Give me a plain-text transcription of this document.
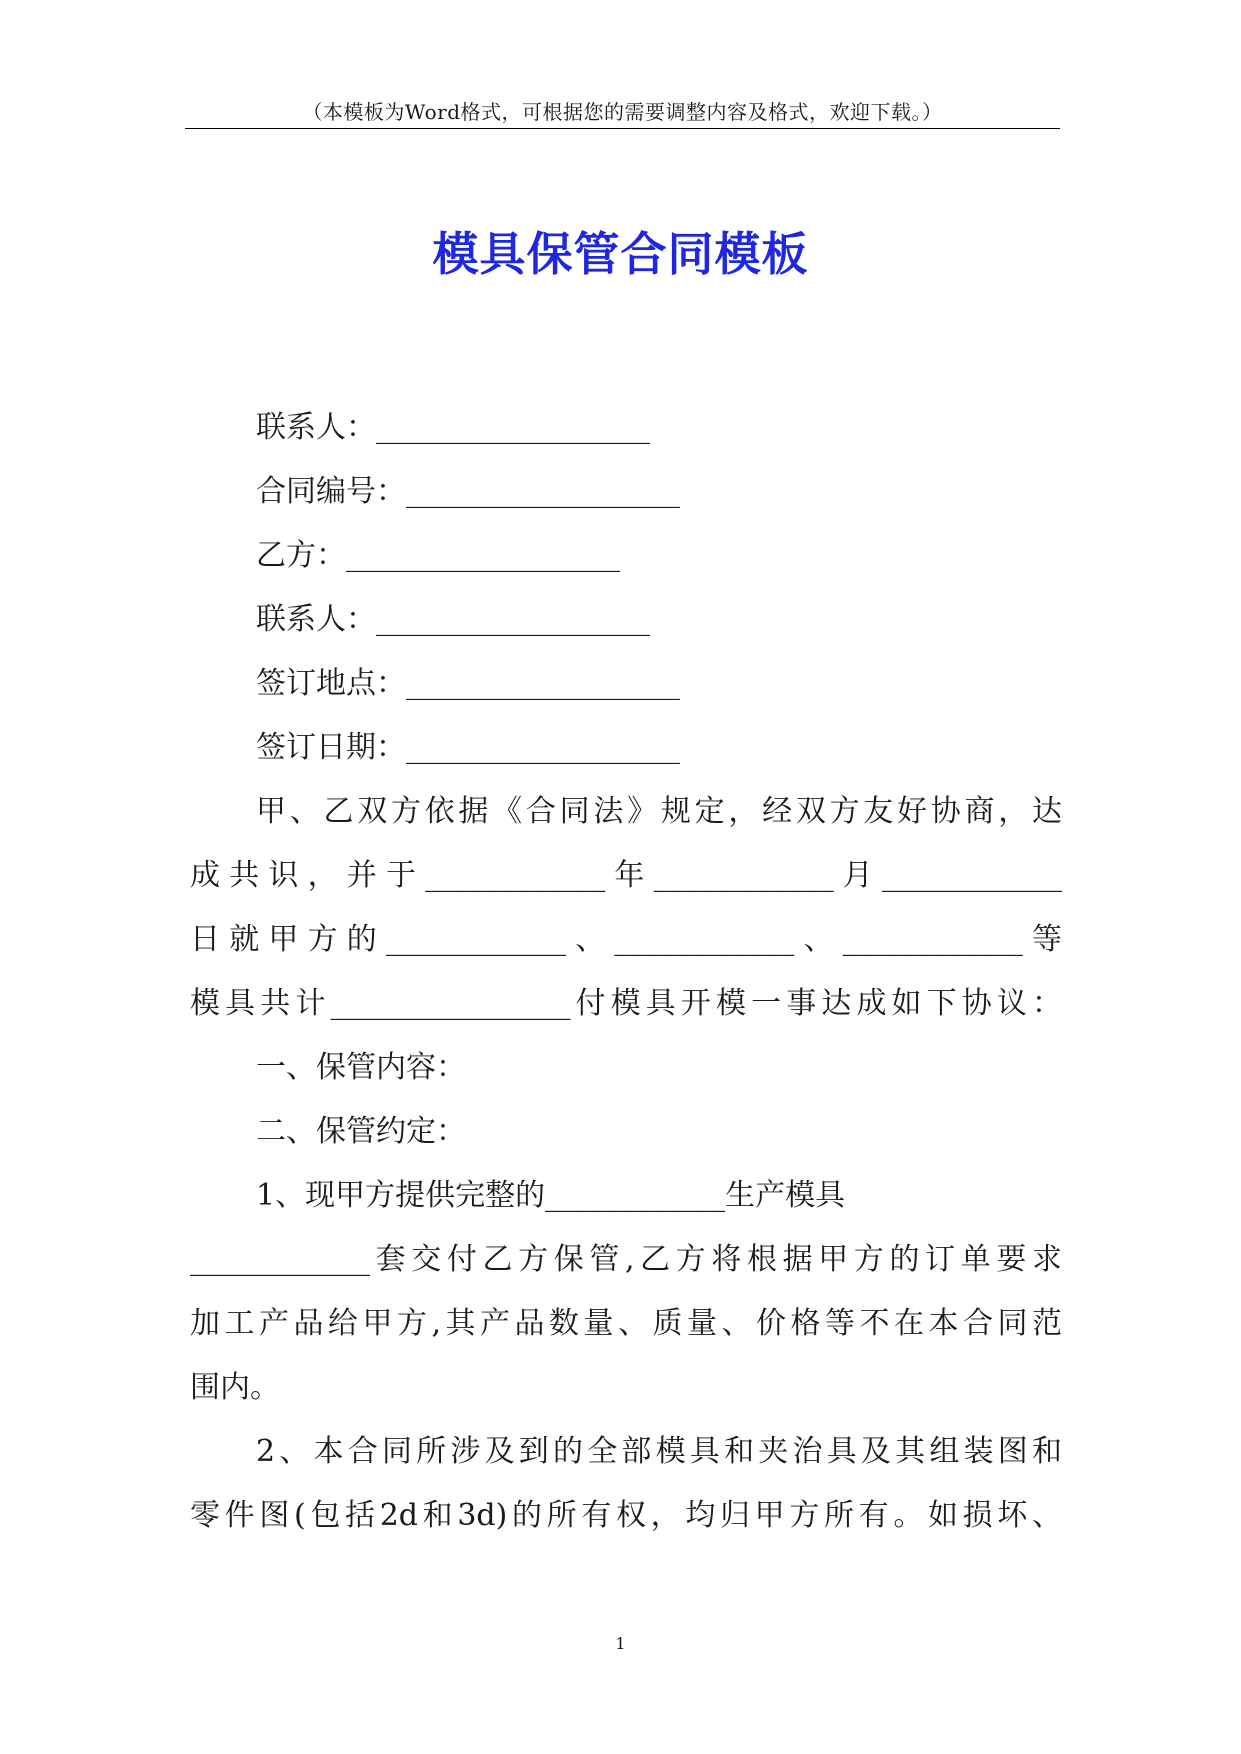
（本模板为Word格式，可根据您的需要调整内容及格式，欢迎下载。）
模具保管合同模板
联系人：________________
合同编号：________________
乙方：________________
联系人：________________
签订地点：________________
签订日期：________________
甲、乙双方依据《合同法》规定，经双方友好协商，达
成共识，并于____________年____________月____________
日就甲方的____________、____________、____________等
模具共计________________付模具开模一事达成如下协议：
一、保管内容：
二、保管约定：
1、现甲方提供完整的____________生产模具
____________套交付乙方保管,乙方将根据甲方的订单要求
加工产品给甲方,其产品数量、质量、价格等不在本合同范
围内。
2、本合同所涉及到的全部模具和夹治具及其组装图和
零件图(包括2d和3d)的所有权，均归甲方所有。如损坏、
1
